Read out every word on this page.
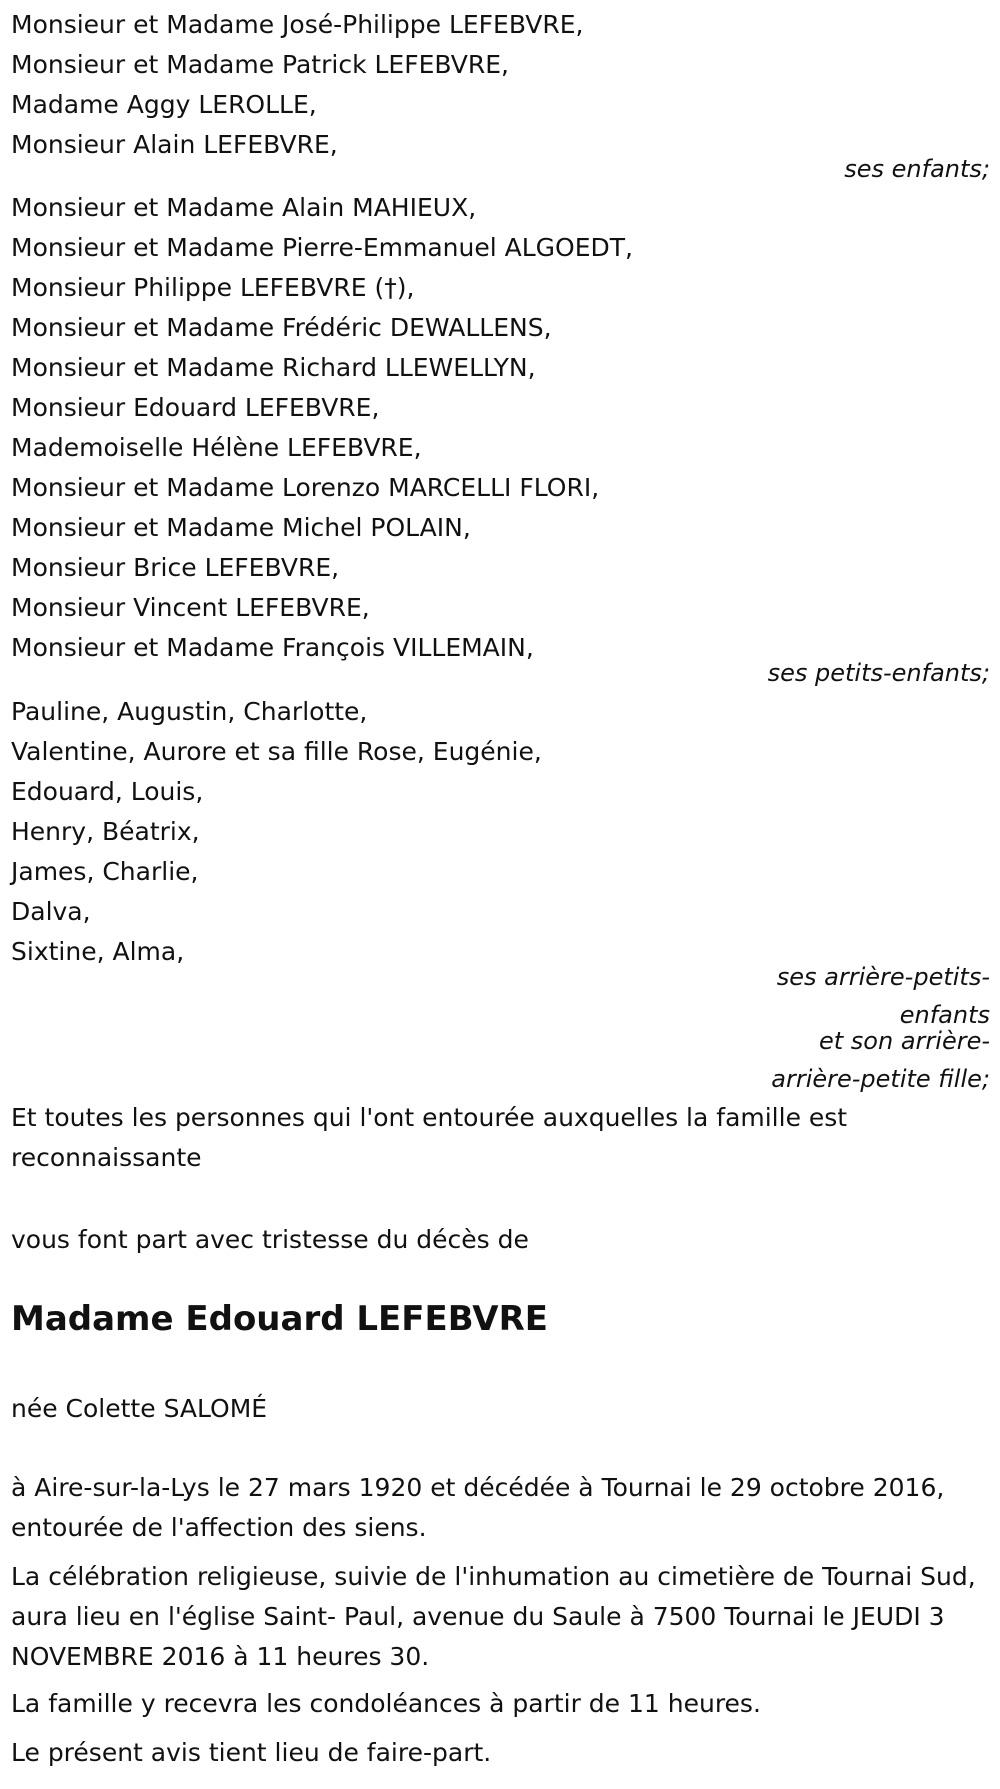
Monsieur et Madame José-Philippe LEFEBVRE,
Monsieur et Madame Patrick LEFEBVRE,
Madame Aggy LEROLLE,
Monsieur Alain LEFEBVRE,

ses enfants;

Monsieur et Madame Alain MAHIEUX,
Monsieur et Madame Pierre-Emmanuel ALGOEDT,
Monsieur Philippe LEFEBVRE (†),
Monsieur et Madame Frédéric DEWALLENS,
Monsieur et Madame Richard LLEWELLYN,
Monsieur Edouard LEFEBVRE,
Mademoiselle Hélène LEFEBVRE,
Monsieur et Madame Lorenzo MARCELLI FLORI,
Monsieur et Madame Michel POLAIN,
Monsieur Brice LEFEBVRE,
Monsieur Vincent LEFEBVRE,
Monsieur et Madame François VILLEMAIN,

ses petits-enfants;

Pauline, Augustin, Charlotte,
Valentine, Aurore et sa fille Rose, Eugénie,
Edouard, Louis,
Henry, Béatrix,
James, Charlie,
Dalva,
Sixtine, Alma,

ses arrière-petits-

enfants

et son arrière-

arrière-petite fille;

Et toutes les personnes qui l'ont entourée auxquelles la famille est reconnaissante

vous font part avec tristesse du décès de

Madame Edouard LEFEBVRE

née Colette SALOMÉ

à Aire-sur-la-Lys le 27 mars 1920 et décédée à Tournai le 29 octobre 2016, entourée de l'affection des siens.

La célébration religieuse, suivie de l'inhumation au cimetière de Tournai Sud, aura lieu en l'église Saint- Paul, avenue du Saule à 7500 Tournai le JEUDI 3 NOVEMBRE 2016 à 11 heures 30.

La famille y recevra les condoléances à partir de 11 heures.

Le présent avis tient lieu de faire-part.
